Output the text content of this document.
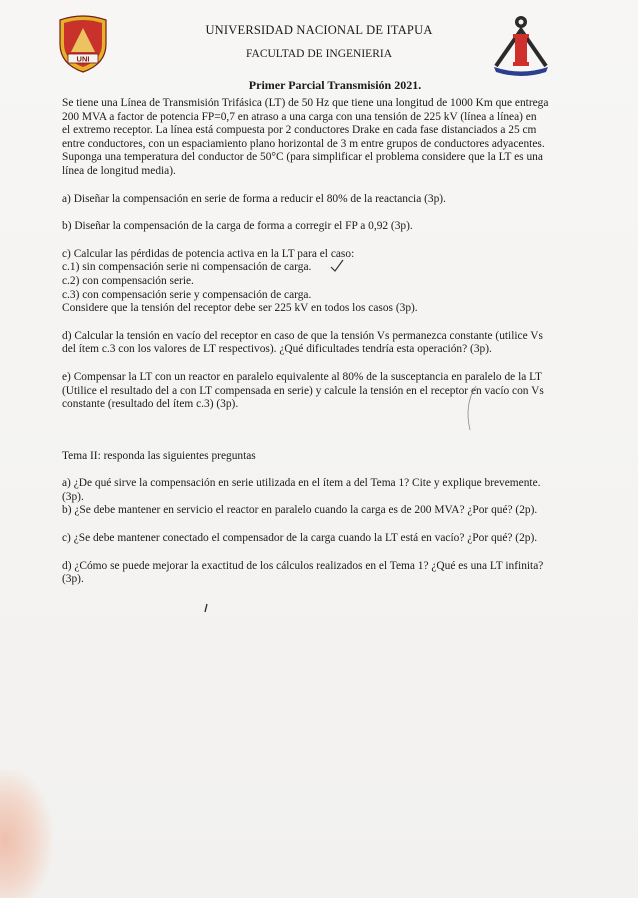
UNI
UNIVERSIDAD NACIONAL DE ITAPUA
FACULTAD DE INGENIERIA
Primer Parcial Transmisión 2021.

Se tiene una Línea de Transmisión Trifásica (LT) de 50 Hz que tiene una longitud de 1000 Km que entrega

200 MVA a factor de potencia FP=0,7 en atraso a una carga con una tensión de 225 kV (línea a línea) en

el extremo receptor. La línea está compuesta por 2 conductores Drake en cada fase distanciados a 25 cm

entre conductores, con un espaciamiento plano horizontal de 3 m entre grupos de conductores adyacentes.

Suponga una temperatura del conductor de 50°C (para simplificar el problema considere que la LT es una

línea de longitud media).

a) Diseñar la compensación en serie de forma a reducir el 80% de la reactancia (3p).

b) Diseñar la compensación de la carga de forma a corregir el FP a 0,92 (3p).

c) Calcular las pérdidas de potencia activa en la LT para el caso:

c.1) sin compensación serie ni compensación de carga.

c.2) con compensación serie.

c.3) con compensación serie y compensación de carga.

Considere que la tensión del receptor debe ser 225 kV en todos los casos (3p).

d) Calcular la tensión en vacío del receptor en caso de que la tensión Vs permanezca constante (utilice Vs

del ítem c.3 con los valores de LT respectivos). ¿Qué dificultades tendría esta operación? (3p).

e) Compensar la LT con un reactor en paralelo equivalente al 80% de la susceptancia en paralelo de la LT

(Utilice el resultado del a con LT compensada en serie) y calcule la tensión en el receptor en vacío con Vs

constante (resultado del ítem c.3) (3p).

Tema II: responda las siguientes preguntas

a) ¿De qué sirve la compensación en serie utilizada en el ítem a del Tema 1? Cite y explique brevemente.

(3p).

b) ¿Se debe mantener en servicio el reactor en paralelo cuando la carga es de 200 MVA? ¿Por qué? (2p).

c) ¿Se debe mantener conectado el compensador de la carga cuando la LT está en vacío? ¿Por qué? (2p).

d) ¿Cómo se puede mejorar la exactitud de los cálculos realizados en el Tema 1? ¿Qué es una LT infinita?

(3p).
